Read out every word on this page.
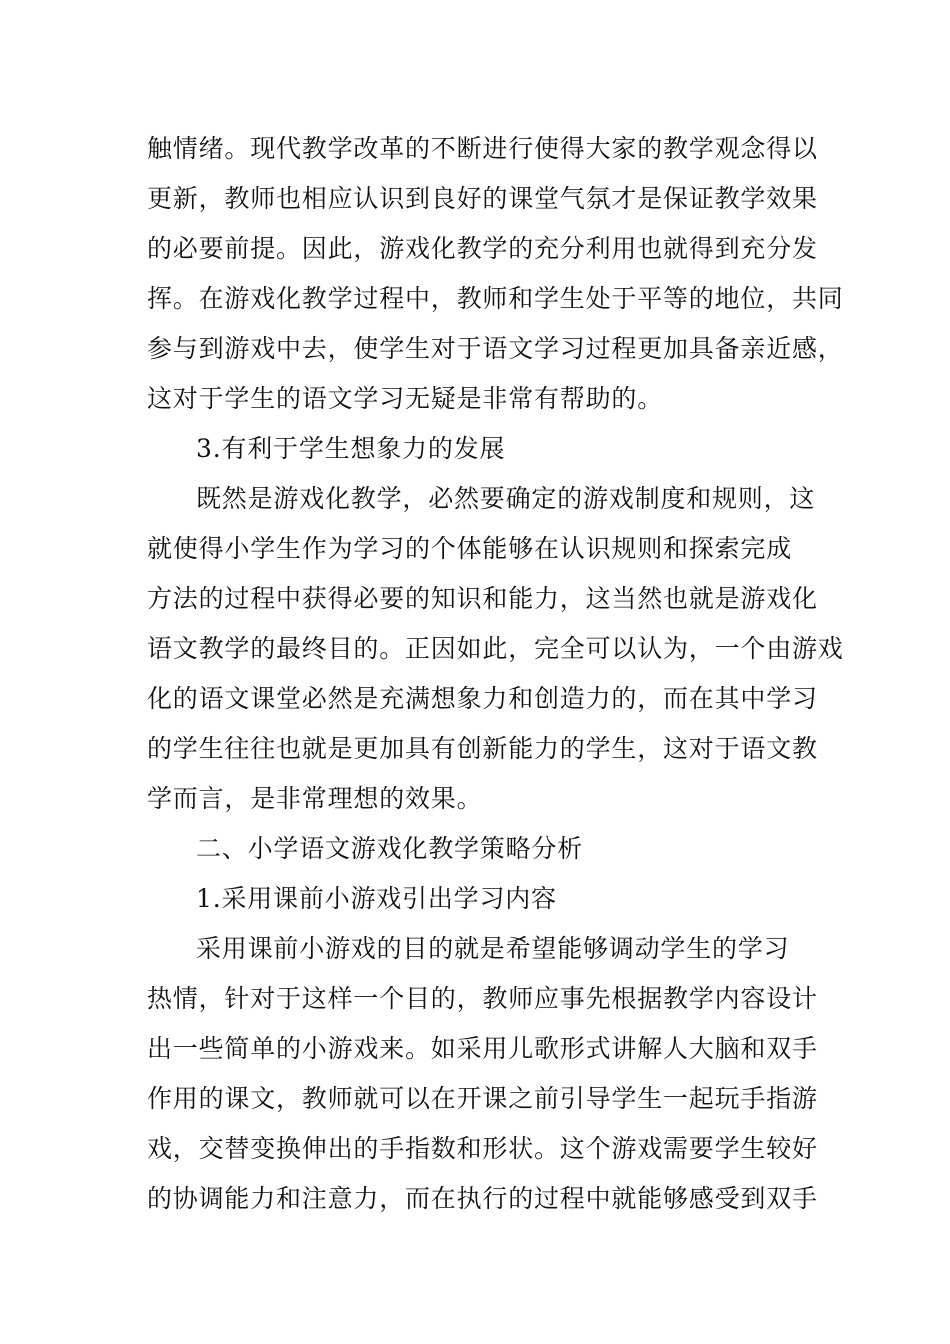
触情绪。现代教学改革的不断进行使得大家的教学观念得以
更新，教师也相应认识到良好的课堂气氛才是保证教学效果
的必要前提。因此，游戏化教学的充分利用也就得到充分发
挥。在游戏化教学过程中，教师和学生处于平等的地位，共同
参与到游戏中去，使学生对于语文学习过程更加具备亲近感，
这对于学生的语文学习无疑是非常有帮助的。
3.有利于学生想象力的发展
既然是游戏化教学，必然要确定的游戏制度和规则，这
就使得小学生作为学习的个体能够在认识规则和探索完成
方法的过程中获得必要的知识和能力，这当然也就是游戏化
语文教学的最终目的。正因如此，完全可以认为，一个由游戏
化的语文课堂必然是充满想象力和创造力的，而在其中学习
的学生往往也就是更加具有创新能力的学生，这对于语文教
学而言，是非常理想的效果。
二、小学语文游戏化教学策略分析
1.采用课前小游戏引出学习内容
采用课前小游戏的目的就是希望能够调动学生的学习
热情，针对于这样一个目的，教师应事先根据教学内容设计
出一些简单的小游戏来。如采用儿歌形式讲解人大脑和双手
作用的课文，教师就可以在开课之前引导学生一起玩手指游
戏，交替变换伸出的手指数和形状。这个游戏需要学生较好
的协调能力和注意力，而在执行的过程中就能够感受到双手
